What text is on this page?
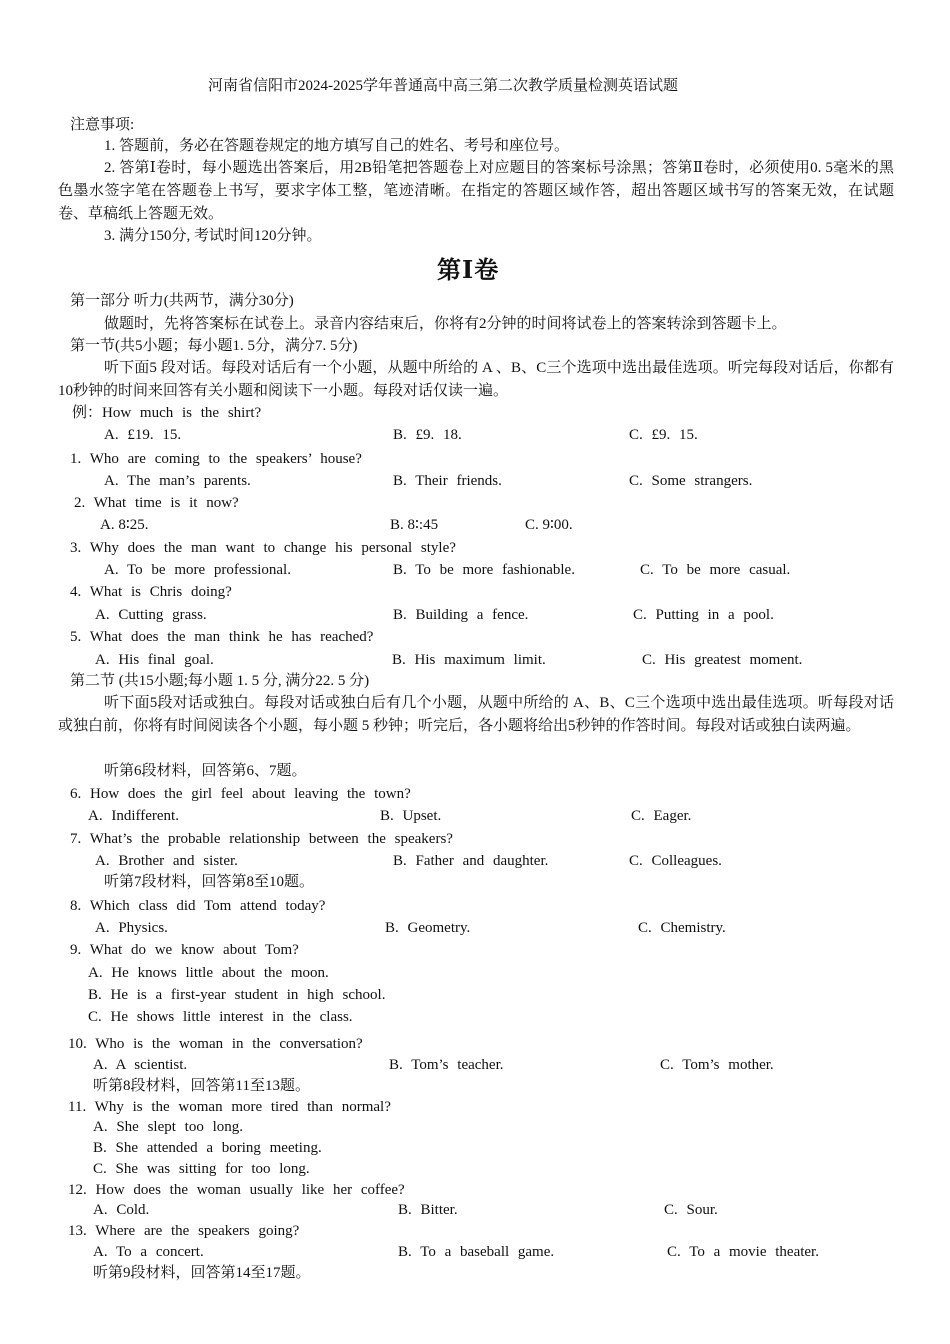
河南省信阳市2024-2025学年普通高中高三第二次教学质量检测英语试题
注意事项:
1. 答题前，务必在答题卷规定的地方填写自己的姓名、考号和座位号。
2. 答第Ⅰ卷时，每小题选出答案后，用2B铅笔把答题卷上对应题目的答案标号涂黑；答第Ⅱ卷时，必须使用0. 5毫米的黑色墨水签字笔在答题卷上书写，要求字体工整，笔迹清晰。在指定的答题区域作答，超出答题区域书写的答案无效，在试题卷、草稿纸上答题无效。
3. 满分150分, 考试时间120分钟。
第Ⅰ卷
第一部分 听力(共两节，满分30分)
做题时，先将答案标在试卷上。录音内容结束后，你将有2分钟的时间将试卷上的答案转涂到答题卡上。
第一节(共5小题；每小题1. 5分，满分7. 5分)
听下面5 段对话。每段对话后有一个小题，从题中所给的 A 、B、C三个选项中选出最佳选项。听完每段对话后，你都有 10秒钟的时间来回答有关小题和阅读下一小题。每段对话仅读一遍。
例：How much is the shirt?
A. £19. 15.	B. £9. 18.	C. £9. 15.
1. Who are coming to the speakers’ house?
A. The man’s parents.	B. Their friends.	C. Some strangers.
2. What time is it now?
A. 8∶25.	B. 8∶:45	C. 9∶00.
3. Why does the man want to change his personal style?
A. To be more professional.	B. To be more fashionable.	C. To be more casual.
4. What is Chris doing?
A. Cutting grass.	B. Building a fence.	C. Putting in a pool.
5. What does the man think he has reached?
A. His final goal.	B. His maximum limit.	C. His greatest moment.
第二节 (共15小题;每小题 1. 5 分, 满分22. 5 分)
听下面5段对话或独白。每段对话或独白后有几个小题，从题中所给的 A、B、C三个选项中选出最佳选项。听每段对话或独白前，你将有时间阅读各个小题，每小题 5 秒钟；听完后，各小题将给出5秒钟的作答时间。每段对话或独白读两遍。
听第6段材料，回答第6、7题。
6. How does the girl feel about leaving the town?
A. Indifferent.	B. Upset.	C. Eager.
7. What’s the probable relationship between the speakers?
A. Brother and sister.	B. Father and daughter.	C. Colleagues.
听第7段材料，回答第8至10题。
8. Which class did Tom attend today?
A. Physics.	B. Geometry.	C. Chemistry.
9. What do we know about Tom?
A. He knows little about the moon.
B. He is a first-year student in high school.
C. He shows little interest in the class.
10. Who is the woman in the conversation?
A. A scientist.	B. Tom’s teacher.	C. Tom’s mother.
听第8段材料，回答第11至13题。
11. Why is the woman more tired than normal?
A. She slept too long.
B. She attended a boring meeting.
C. She was sitting for too long.
12. How does the woman usually like her coffee?
A. Cold.	B. Bitter.	C. Sour.
13. Where are the speakers going?
A. To a concert.	B. To a baseball game.	C. To a movie theater.
听第9段材料，回答第14至17题。
